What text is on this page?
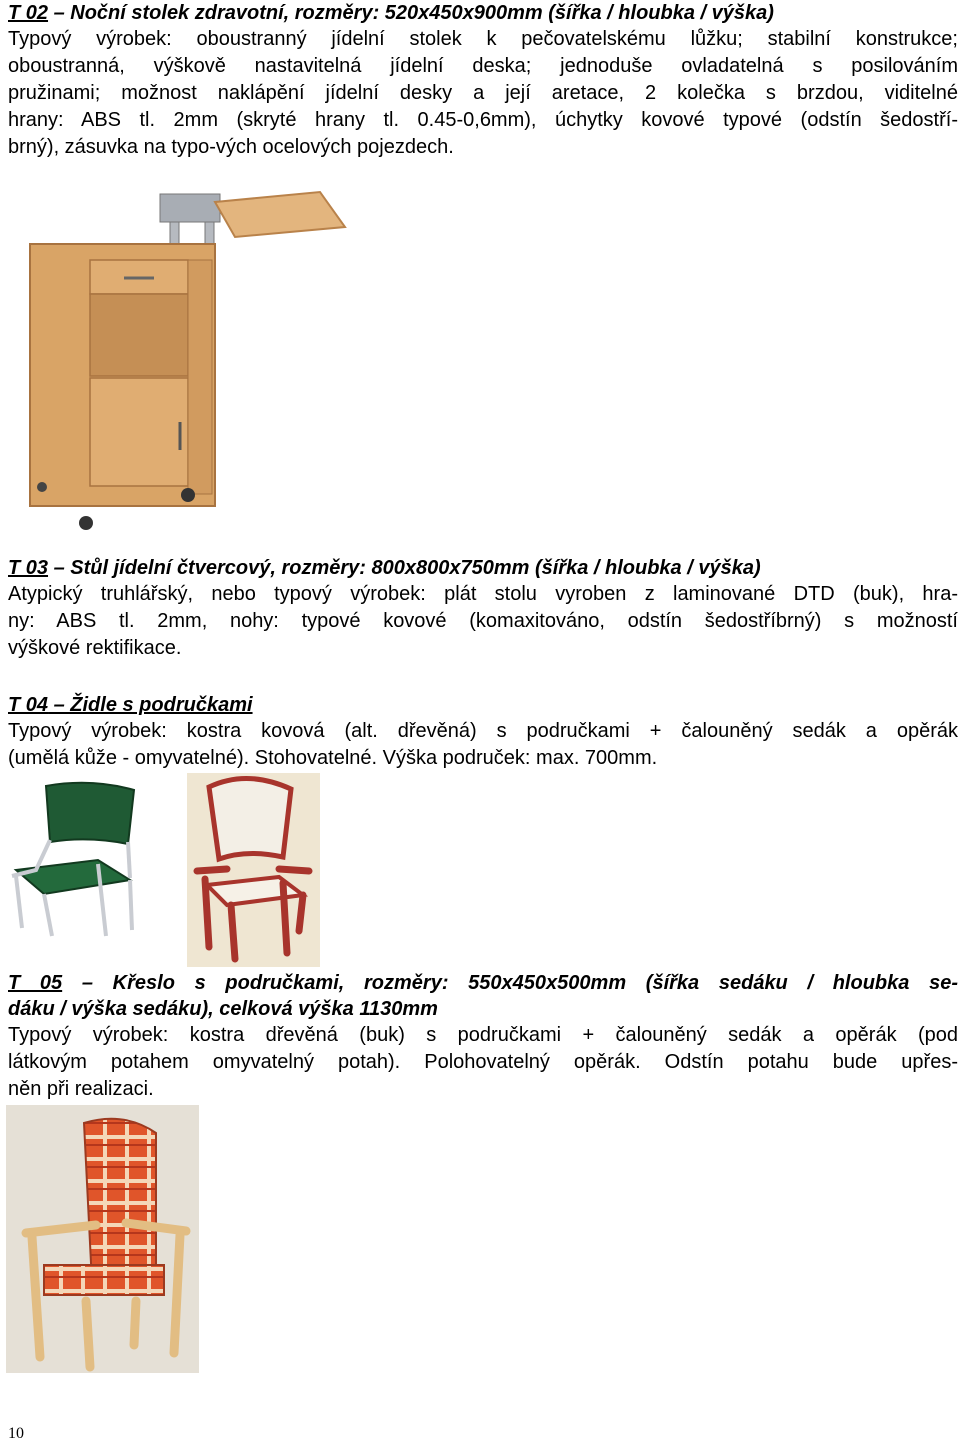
T 02 – Noční stolek zdravotní, rozměry: 520x450x900mm (šířka / hloubka / výška)

Typový výrobek: oboustranný jídelní stolek k pečovatelskému lůžku; stabilní konstrukce;
oboustranná, výškově nastavitelná jídelní deska; jednoduše ovladatelná s posilováním
pružinami; možnost naklápění jídelní desky a její aretace, 2 kolečka s brzdou, viditelné
hrany: ABS tl. 2mm (skryté hrany tl. 0.45-0,6mm), úchytky kovové typové (odstín šedostří-
brný), zásuvka na typo-vých ocelových pojezdech.

T 03 – Stůl jídelní čtvercový, rozměry: 800x800x750mm (šířka / hloubka / výška)

Atypický truhlářský, nebo typový výrobek: plát stolu vyroben z laminované DTD (buk), hra-
ny: ABS tl. 2mm, nohy: typové kovové (komaxitováno, odstín šedostříbrný) s možností
výškové rektifikace.

T 04 – Židle s područkami

Typový výrobek: kostra kovová (alt. dřevěná) s područkami + čalouněný sedák a opěrák
(umělá kůže - omyvatelné). Stohovatelné. Výška područek: max. 700mm.

T 05 – Křeslo s područkami, rozměry: 550x450x500mm (šířka sedáku / hloubka se-
dáku / výška sedáku), celková výška 1130mm

Typový výrobek: kostra dřevěná (buk) s područkami + čalouněný sedák a opěrák (pod
látkovým potahem omyvatelný potah). Polohovatelný opěrák. Odstín potahu bude upřes-
něn při realizaci.
10
